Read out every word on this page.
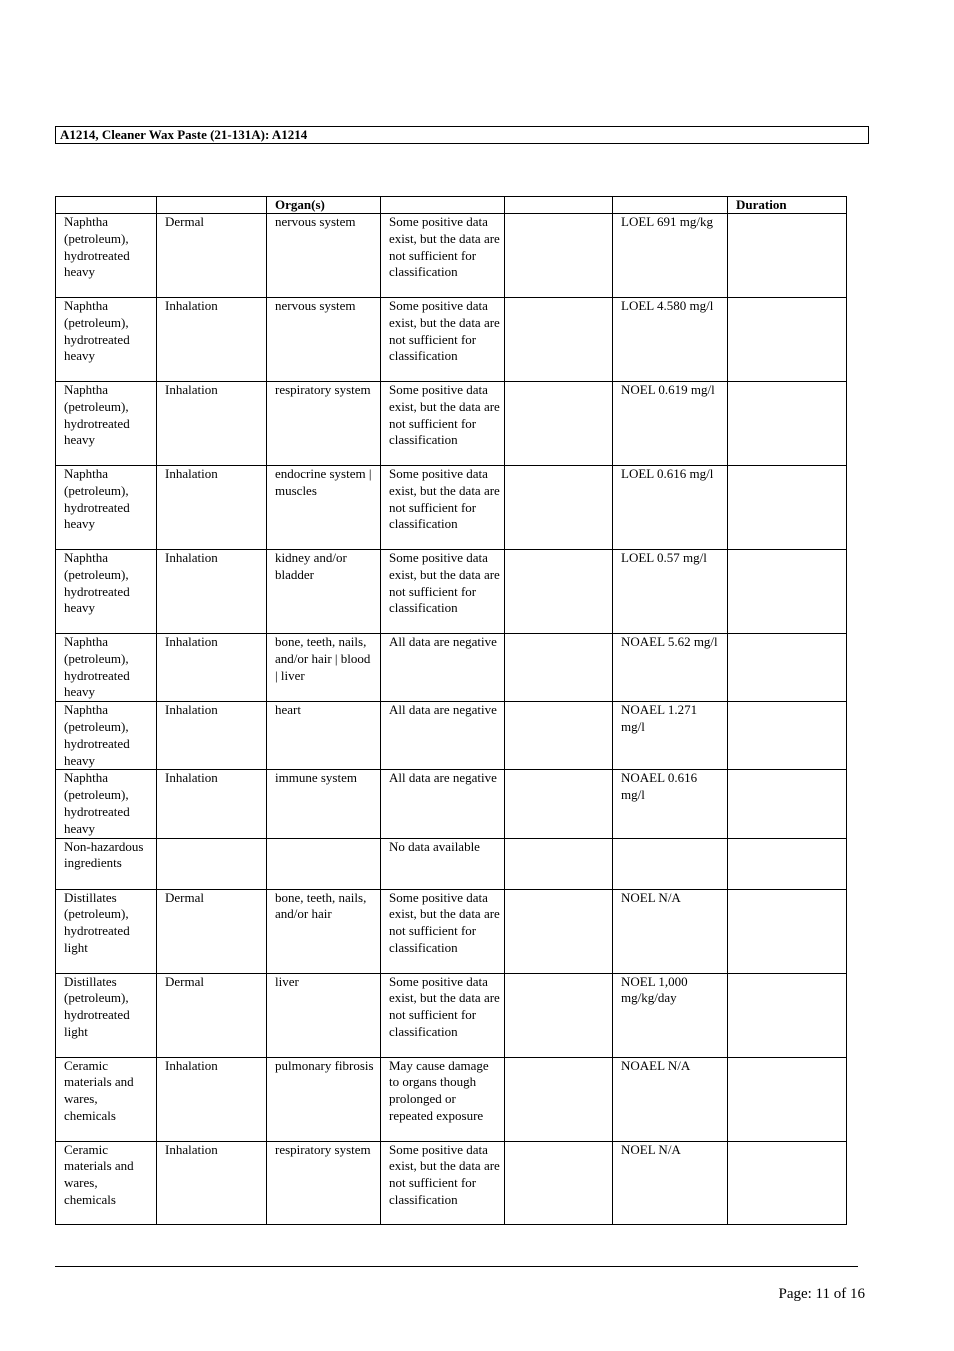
A1214, Cleaner Wax Paste (21-131A): A1214
		Organ(s)				Duration
Naphtha (petroleum), hydrotreated heavy	Dermal	nervous system	Some positive data exist, but the data are not sufficient for classification		LOEL 691 mg/kg	
Naphtha (petroleum), hydrotreated heavy	Inhalation	nervous system	Some positive data exist, but the data are not sufficient for classification		LOEL 4.580 mg/l	
Naphtha (petroleum), hydrotreated heavy	Inhalation	respiratory system	Some positive data exist, but the data are not sufficient for classification		NOEL 0.619 mg/l	
Naphtha (petroleum), hydrotreated heavy	Inhalation	endocrine system | muscles	Some positive data exist, but the data are not sufficient for classification		LOEL 0.616 mg/l	
Naphtha (petroleum), hydrotreated heavy	Inhalation	kidney and/or bladder	Some positive data exist, but the data are not sufficient for classification		LOEL 0.57 mg/l	
Naphtha (petroleum), hydrotreated heavy	Inhalation	bone, teeth, nails, and/or hair | blood | liver	All data are negative		NOAEL 5.62 mg/l	
Naphtha (petroleum), hydrotreated heavy	Inhalation	heart	All data are negative		NOAEL 1.271 mg/l	
Naphtha (petroleum), hydrotreated heavy	Inhalation	immune system	All data are negative		NOAEL 0.616 mg/l	
Non-hazardous ingredients			No data available			
Distillates (petroleum), hydrotreated light	Dermal	bone, teeth, nails, and/or hair	Some positive data exist, but the data are not sufficient for classification		NOEL N/A	
Distillates (petroleum), hydrotreated light	Dermal	liver	Some positive data exist, but the data are not sufficient for classification		NOEL 1,000 mg/kg/day	
Ceramic materials and wares, chemicals	Inhalation	pulmonary fibrosis	May cause damage to organs though prolonged or repeated exposure		NOAEL N/A	
Ceramic materials and wares, chemicals	Inhalation	respiratory system	Some positive data exist, but the data are not sufficient for classification		NOEL N/A	
Page: 11 of 16
